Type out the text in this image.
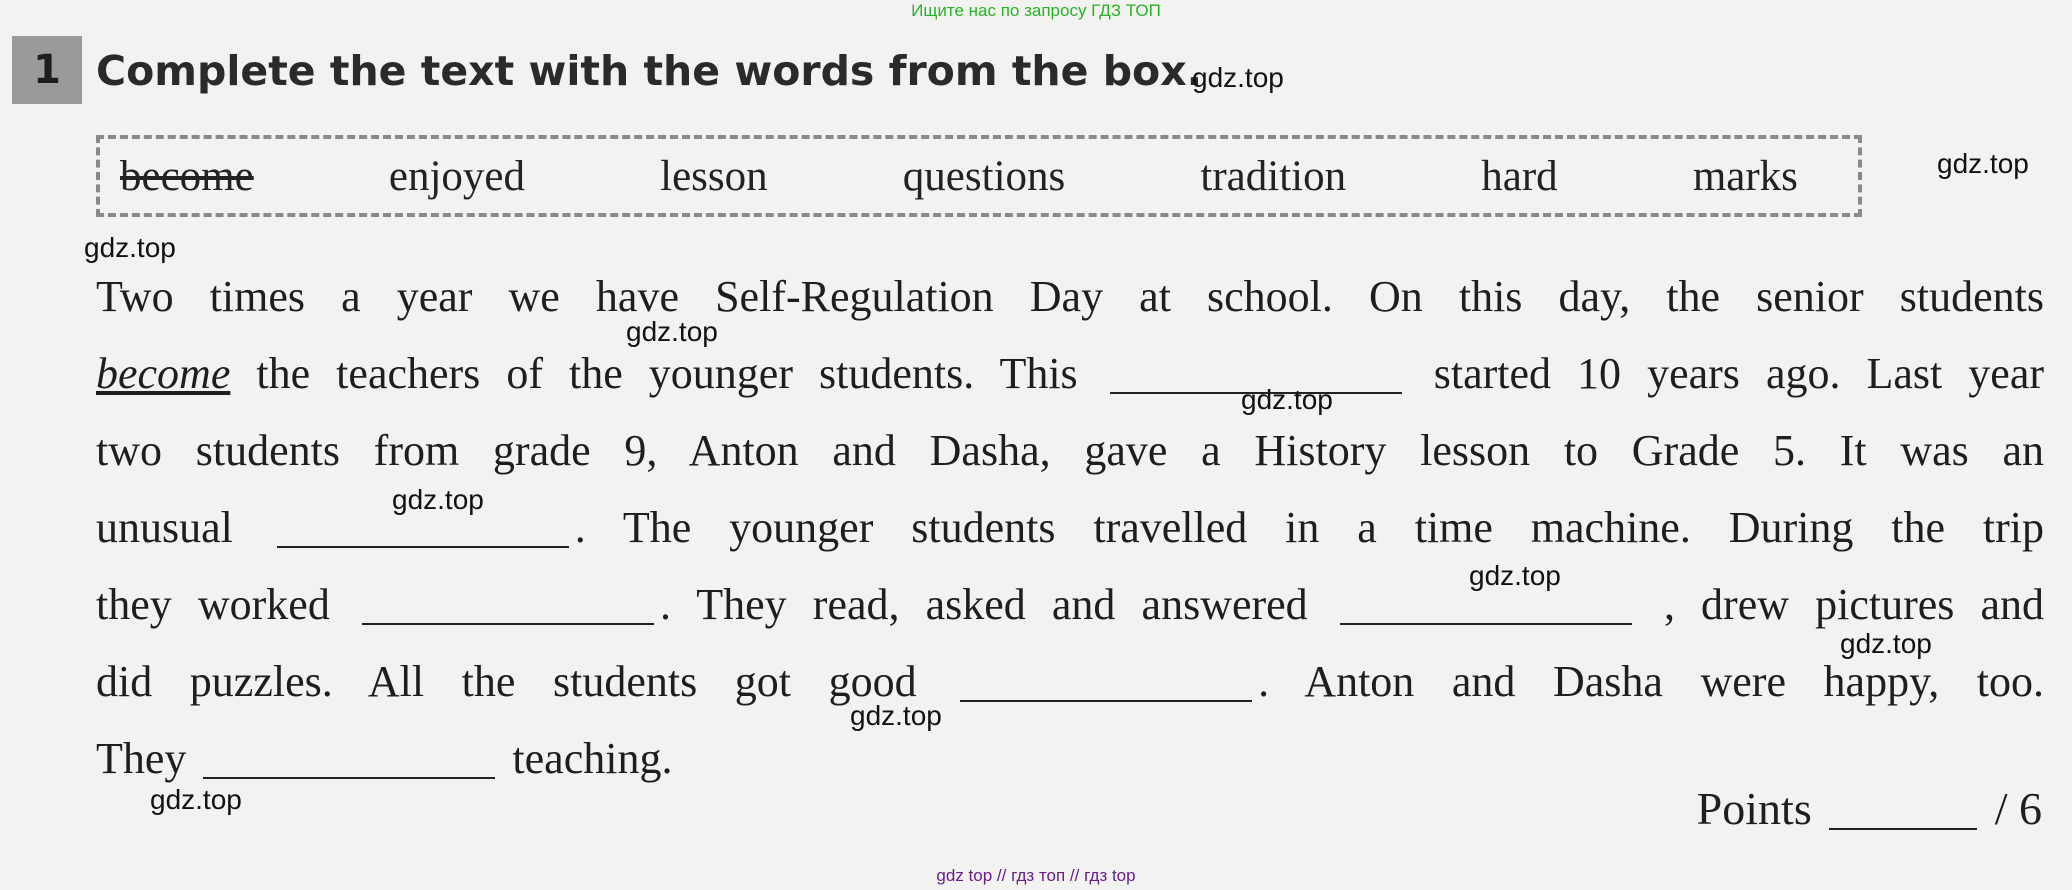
Ищите нас по запросу ГДЗ ТОП
1 Complete the text with the words from the box.
become	enjoyed	lesson	questions	tradition	hard	marks
Two times a year we have Self-Regulation Day at school. On this day, the senior students
become the teachers of the younger students. This	started 10 years ago. Last year
two students from grade 9, Anton and Dasha, gave a History lesson to Grade 5. It was an
unusual	. The younger students travelled in a time machine. During the trip
they worked	. They read, asked and answered	, drew pictures and
did puzzles. All the students got good	. Anton and Dasha were happy, too.
They	teaching.
Points	/ 6
gdz.top
gdz.top
gdz.top
gdz.top
gdz.top
gdz.top
gdz.top
gdz.top
gdz.top
gdz.top
gdz top // гдз топ // гдз top
